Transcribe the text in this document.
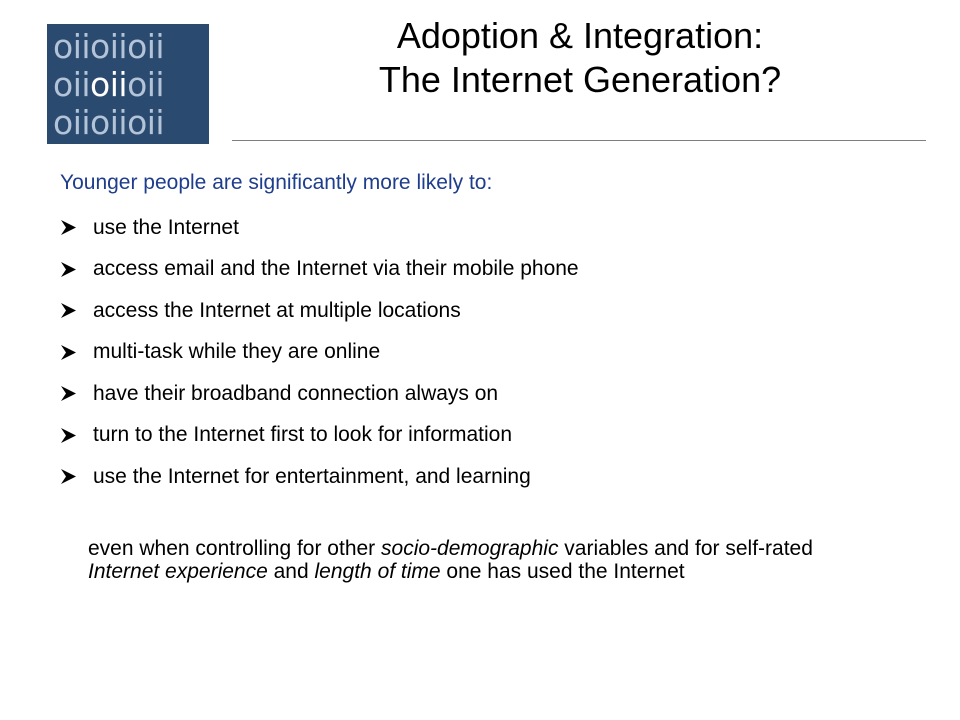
oiioiioii
oiioiioii
oiioiioii
Adoption & Integration:
The Internet Generation?
Younger people are significantly more likely to:
use the Internet
access email and the Internet via their mobile phone
access the Internet at multiple locations
multi-task while they are online
have their broadband connection always on
turn to the Internet first to look for information
use the Internet for entertainment, and learning
even when controlling for other socio-demographic variables and for self-rated Internet experience and length of time one has used the Internet
